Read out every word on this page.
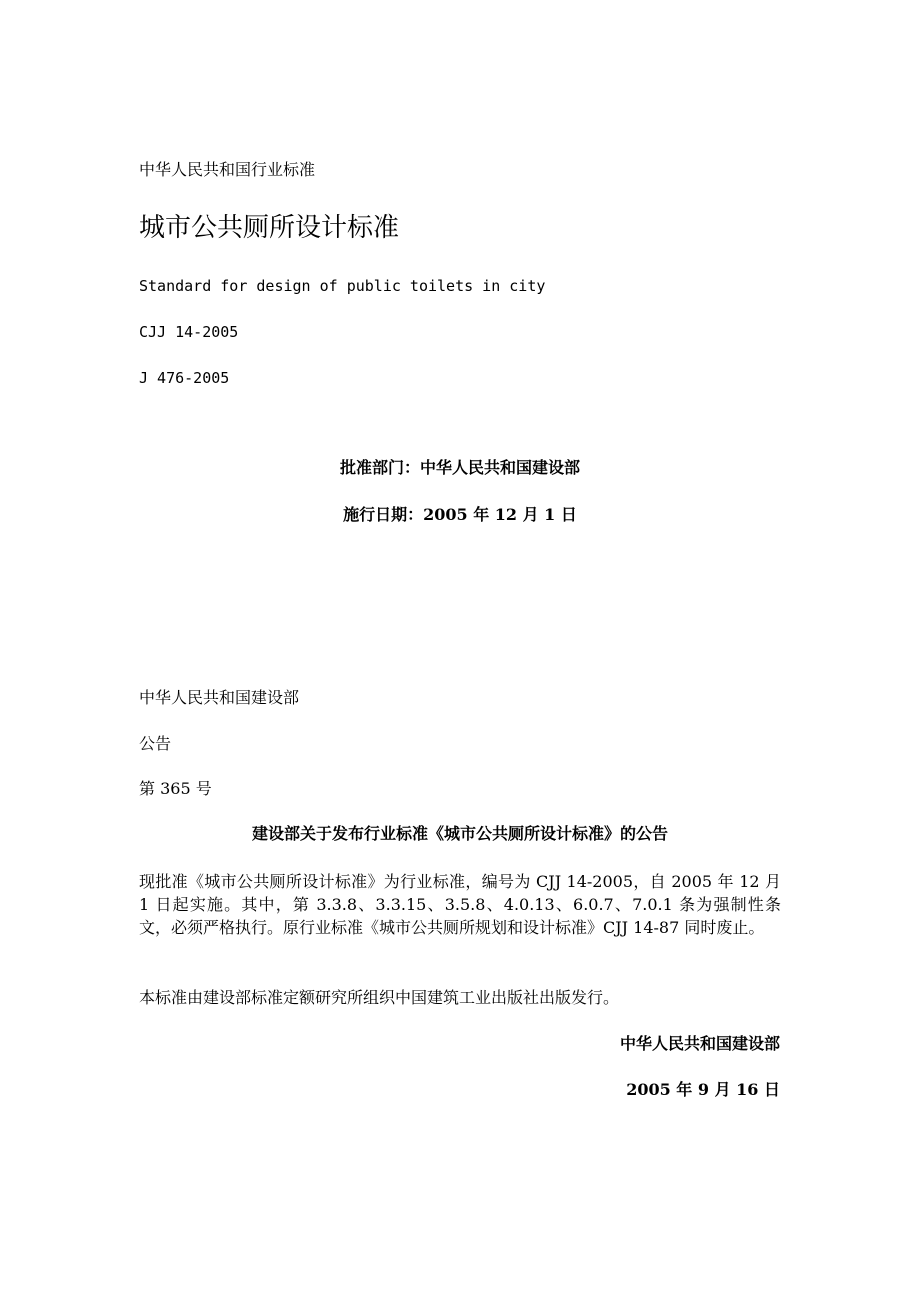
中华人民共和国行业标准
城市公共厕所设计标准
Standard for design of public toilets in city
CJJ 14-2005
J 476-2005
批准部门：中华人民共和国建设部
施行日期：2005 年 12 月 1 日
中华人民共和国建设部
公告
第 365 号
建设部关于发布行业标准《城市公共厕所设计标准》的公告
现批准《城市公共厕所设计标准》为行业标准，编号为 CJJ 14-2005，自 2005 年 12 月 1 日起实施。其中，第 3.3.8、3.3.15、3.5.8、4.0.13、6.0.7、7.0.1 条为强制性条文，必须严格执行。原行业标准《城市公共厕所规划和设计标准》CJJ 14-87 同时废止。
本标准由建设部标准定额研究所组织中国建筑工业出版社出版发行。
中华人民共和国建设部
2005 年 9 月 16 日
